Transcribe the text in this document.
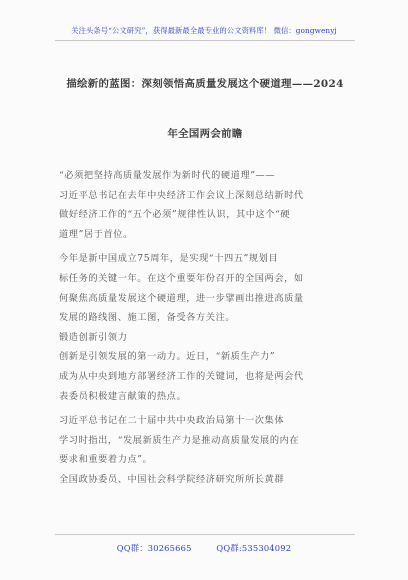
关注头条号“公文研究”，获得最新最全最专业的公文资料库！ 微信：gongwenyj
描绘新的蓝图：深刻领悟高质量发展这个硬道理——2024
年全国两会前瞻
“必须把坚持高质量发展作为新时代的硬道理”——
习近平总书记在去年中央经济工作会议上深刻总结新时代
做好经济工作的“五个必须”规律性认识，其中这个“硬
道理”居于首位。
今年是新中国成立75周年，是实现“十四五”规划目
标任务的关键一年。在这个重要年份召开的全国两会，如
何聚焦高质量发展这个硬道理，进一步擘画出推进高质量
发展的路线图、施工图，备受各方关注。
锻造创新引领力
创新是引领发展的第一动力。近日，“新质生产力”
成为从中央到地方部署经济工作的关键词，也将是两会代
表委员积极建言献策的热点。
习近平总书记在二十届中共中央政治局第十一次集体
学习时指出，“发展新质生产力是推动高质量发展的内在
要求和重要着力点”。
全国政协委员、中国社会科学院经济研究所所长黄群
QQ群：30265665	QQ群:535304092
